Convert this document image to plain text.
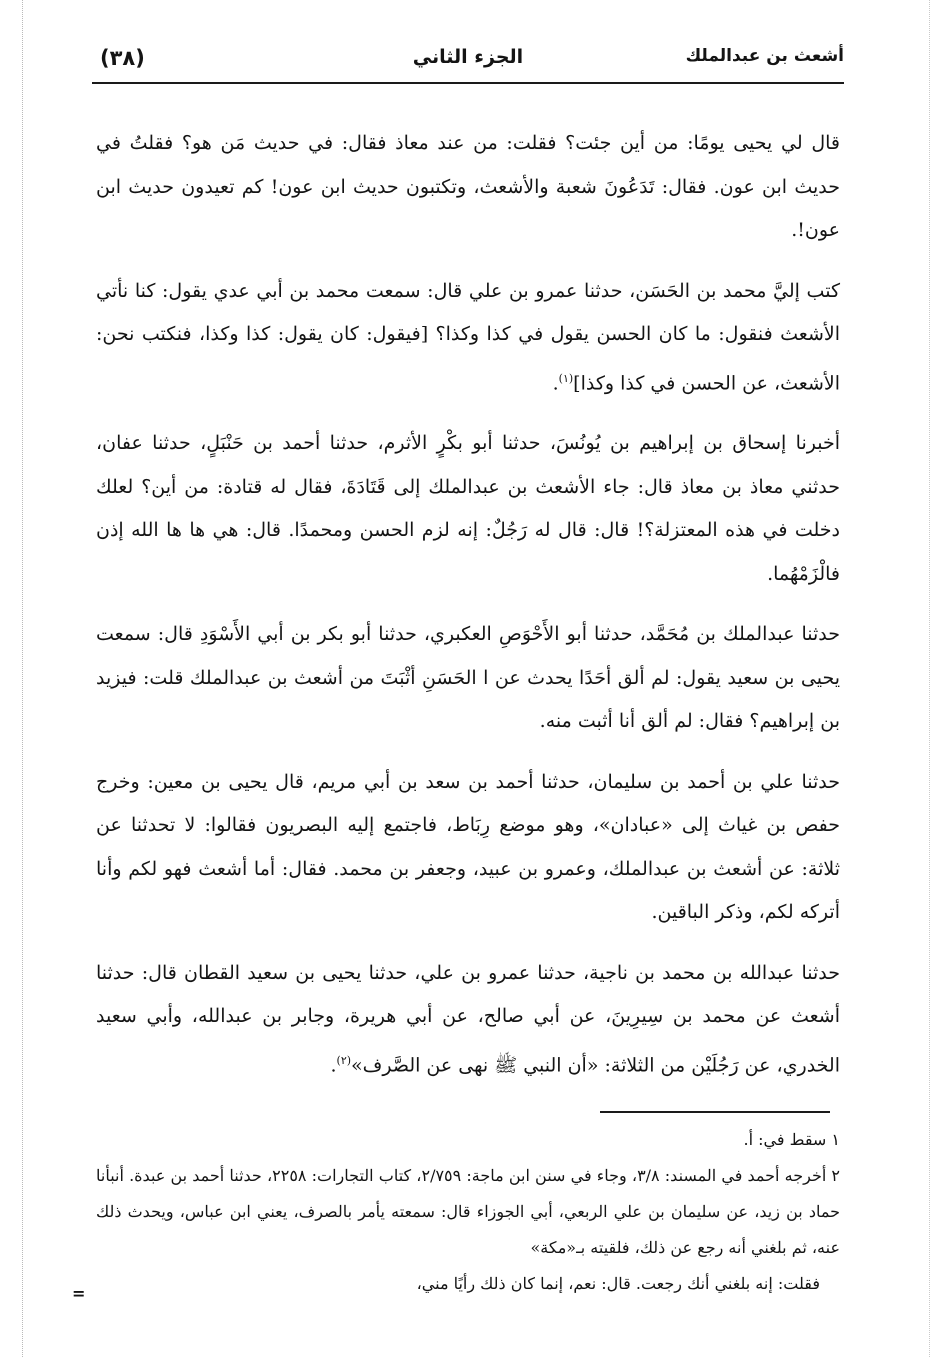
(٣٨)	الجزء الثاني	أشعث بن عبدالملك

قال لي يحيى يومًا: من أين جئت؟ فقلت: من عند معاذ فقال: في حديث مَن هو؟ فقلتُ في حديث ابن عون. فقال: تَدَعُونَ شعبة والأشعث، وتكتبون حديث ابن عون! كم تعيدون حديث ابن عون!.

كتب إليَّ محمد بن الحَسَن، حدثنا عمرو بن علي قال: سمعت محمد بن أبي عدي يقول: كنا نأتي الأشعث فنقول: ما كان الحسن يقول في كذا وكذا؟ [فيقول: كان يقول: كذا وكذا، فنكتب نحن: الأشعث، عن الحسن في كذا وكذا]$^{(١)}$.

أخبرنا إسحاق بن إبراهيم بن يُونُسَ، حدثنا أبو بكْرٍ الأثرم، حدثنا أحمد بن حَنْبَلٍ، حدثنا عفان، حدثني معاذ بن معاذ قال: جاء الأشعث بن عبدالملك إلى قَتَادَةَ، فقال له قتادة: من أين؟ لعلك دخلت في هذه المعتزلة؟! قال: قال له رَجُلٌ: إنه لزم الحسن ومحمدًا. قال: هي ها ها الله إذن فالْزَمْهُما.

حدثنا عبدالملك بن مُحَمَّد، حدثنا أبو الأَحْوَصِ العكبري، حدثنا أبو بكر بن أبي الأَسْوَدِ قال: سمعت يحيى بن سعيد يقول: لم ألق أحَدًا يحدث عن ا الحَسَنِ أثْبَتَ من أشعث بن عبدالملك قلت: فيزيد بن إبراهيم؟ فقال: لم ألق أنا أثبت منه.

حدثنا علي بن أحمد بن سليمان، حدثنا أحمد بن سعد بن أبي مريم، قال يحيى بن معين: وخرج حفص بن غياث إلى «عبادان»، وهو موضع رِبَاط، فاجتمع إليه البصريون فقالوا: لا تحدثنا عن ثلاثة: عن أشعث بن عبدالملك، وعمرو بن عبيد، وجعفر بن محمد. فقال: أما أشعث فهو لكم وأنا أتركه لكم، وذكر الباقين.

حدثنا عبدالله بن محمد بن ناجية، حدثنا عمرو بن علي، حدثنا يحيى بن سعيد القطان قال: حدثنا أشعث عن محمد بن سِيرِينَ، عن أبي صالح، عن أبي هريرة، وجابر بن عبدالله، وأبي سعيد الخدري، عن رَجُلَيْن من الثلاثة: «أن النبي ﷺ نهى عن الصَّرف»$^{(٢)}$.

١ سقط في: أ.

٢ أخرجه أحمد في المسند: ٣/٨، وجاء في سنن ابن ماجة: ٢/٧٥٩، كتاب التجارات: ٢٢٥٨، حدثنا أحمد بن عبدة. أنبأنا حماد بن زيد، عن سليمان بن علي الربعي، أبي الجوزاء قال: سمعته يأمر بالصرف، يعني ابن عباس، ويحدث ذلك عنه، ثم بلغني أنه رجع عن ذلك، فلقيته بـ«مكة»

فقلت: إنه بلغني أنك رجعت. قال: نعم، إنما كان ذلك رأيًا مني،

=
